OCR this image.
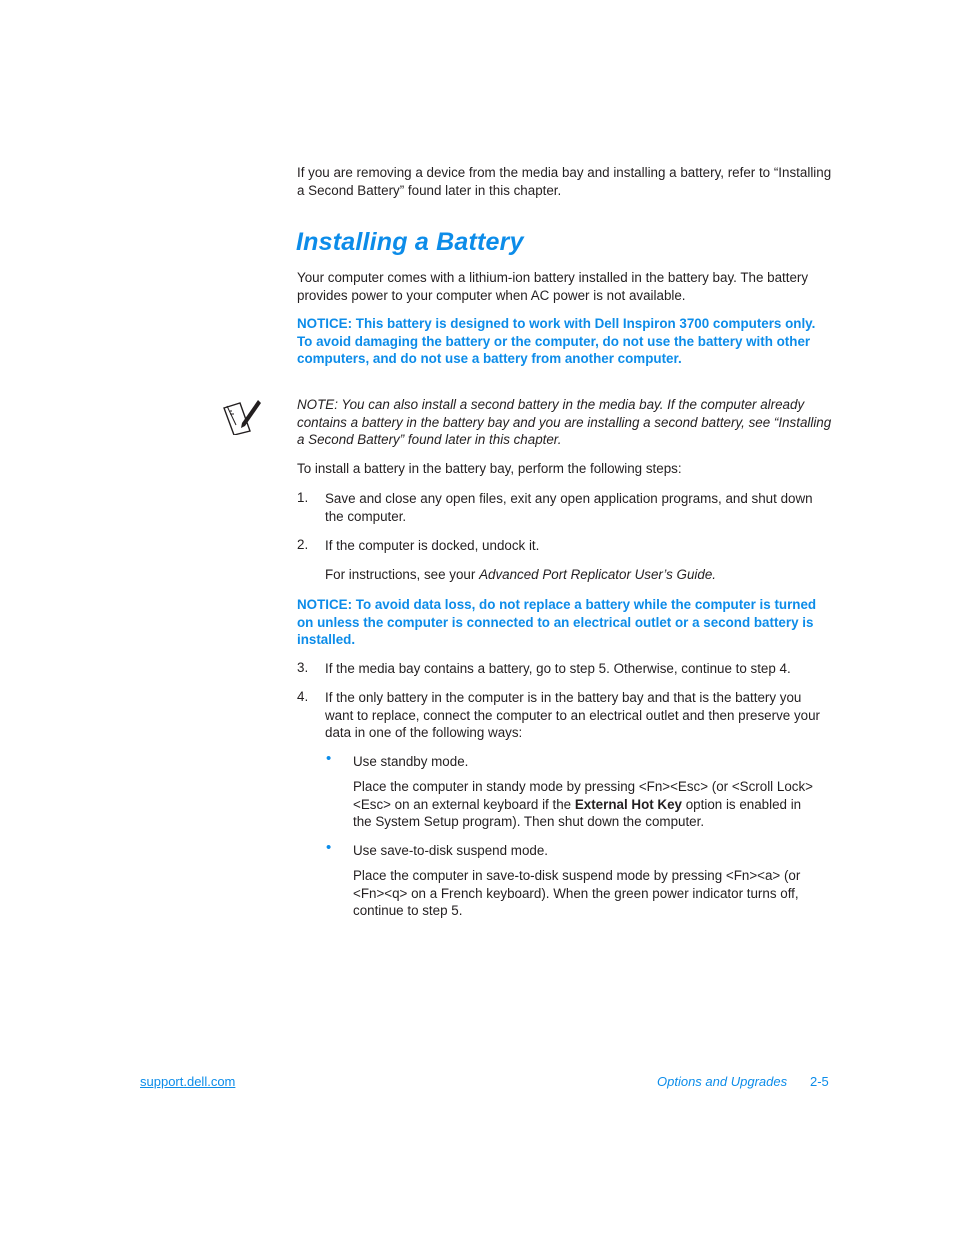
If you are removing a device from the media bay and installing a battery, refer to “Installing a Second Battery” found later in this chapter.
Installing a Battery
Your computer comes with a lithium-ion battery installed in the battery bay. The battery provides power to your computer when AC power is not available.
NOTICE: This battery is designed to work with Dell Inspiron 3700 computers only. To avoid damaging the battery or the computer, do not use the battery with other computers, and do not use a battery from another computer.
NOTE: You can also install a second battery in the media bay. If the computer already contains a battery in the battery bay and you are installing a second battery, see “Installing a Second Battery” found later in this chapter.
To install a battery in the battery bay, perform the following steps:
1. Save and close any open files, exit any open application programs, and shut down the computer.
2. If the computer is docked, undock it.
For instructions, see your Advanced Port Replicator User’s Guide.
NOTICE: To avoid data loss, do not replace a battery while the computer is turned on unless the computer is connected to an electrical outlet or a second battery is installed.
3. If the media bay contains a battery, go to step 5. Otherwise, continue to step 4.
4. If the only battery in the computer is in the battery bay and that is the battery you want to replace, connect the computer to an electrical outlet and then preserve your data in one of the following ways:
• Use standby mode.
Place the computer in standy mode by pressing <Fn><Esc> (or <Scroll Lock><Esc> on an external keyboard if the External Hot Key option is enabled in the System Setup program). Then shut down the computer.
• Use save-to-disk suspend mode.
Place the computer in save-to-disk suspend mode by pressing <Fn><a> (or <Fn><q> on a French keyboard). When the green power indicator turns off, continue to step 5.
support.dell.com	Options and Upgrades 2-5
